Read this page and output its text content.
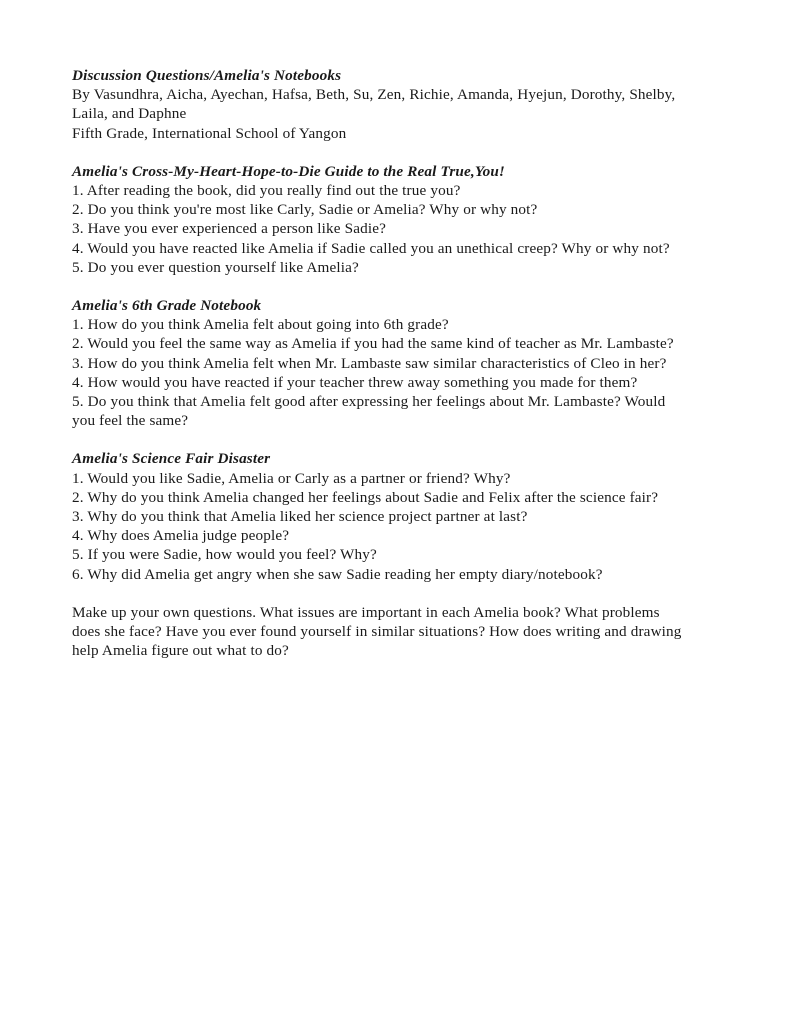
Discussion Questions/Amelia's Notebooks
By Vasundhra, Aicha, Ayechan, Hafsa, Beth, Su, Zen, Richie, Amanda, Hyejun, Dorothy, Shelby, Laila, and Daphne
Fifth Grade, International School of Yangon
Amelia's Cross-My-Heart-Hope-to-Die Guide to the Real True,You!
1. After reading the book, did you really find out the true you?
2. Do you think you're most like Carly, Sadie or Amelia? Why or why not?
3. Have you ever experienced a person like Sadie?
4. Would you have reacted like Amelia if Sadie called you an unethical creep? Why or why not?
5. Do you ever question yourself like Amelia?
Amelia's 6th Grade Notebook
1. How do you think Amelia felt about going into 6th grade?
2. Would you feel the same way as Amelia if you had the same kind of teacher as Mr. Lambaste?
3. How do you think Amelia felt when Mr. Lambaste saw similar characteristics of Cleo in her?
4. How would you have reacted if your teacher threw away something you made for them?
5. Do you think that Amelia felt good after expressing her feelings about Mr. Lambaste? Would you feel the same?
Amelia's Science Fair Disaster
1. Would you like Sadie, Amelia or Carly as a partner or friend? Why?
2. Why do you think Amelia changed her feelings about Sadie and Felix after the science fair?
3. Why do you think that Amelia liked her science project partner at last?
4. Why does Amelia judge people?
5. If you were Sadie, how would you feel? Why?
6. Why did Amelia get angry when she saw Sadie reading her empty diary/notebook?
Make up your own questions. What issues are important in each Amelia book? What problems does she face? Have you ever found yourself in similar situations? How does writing and drawing help Amelia figure out what to do?
